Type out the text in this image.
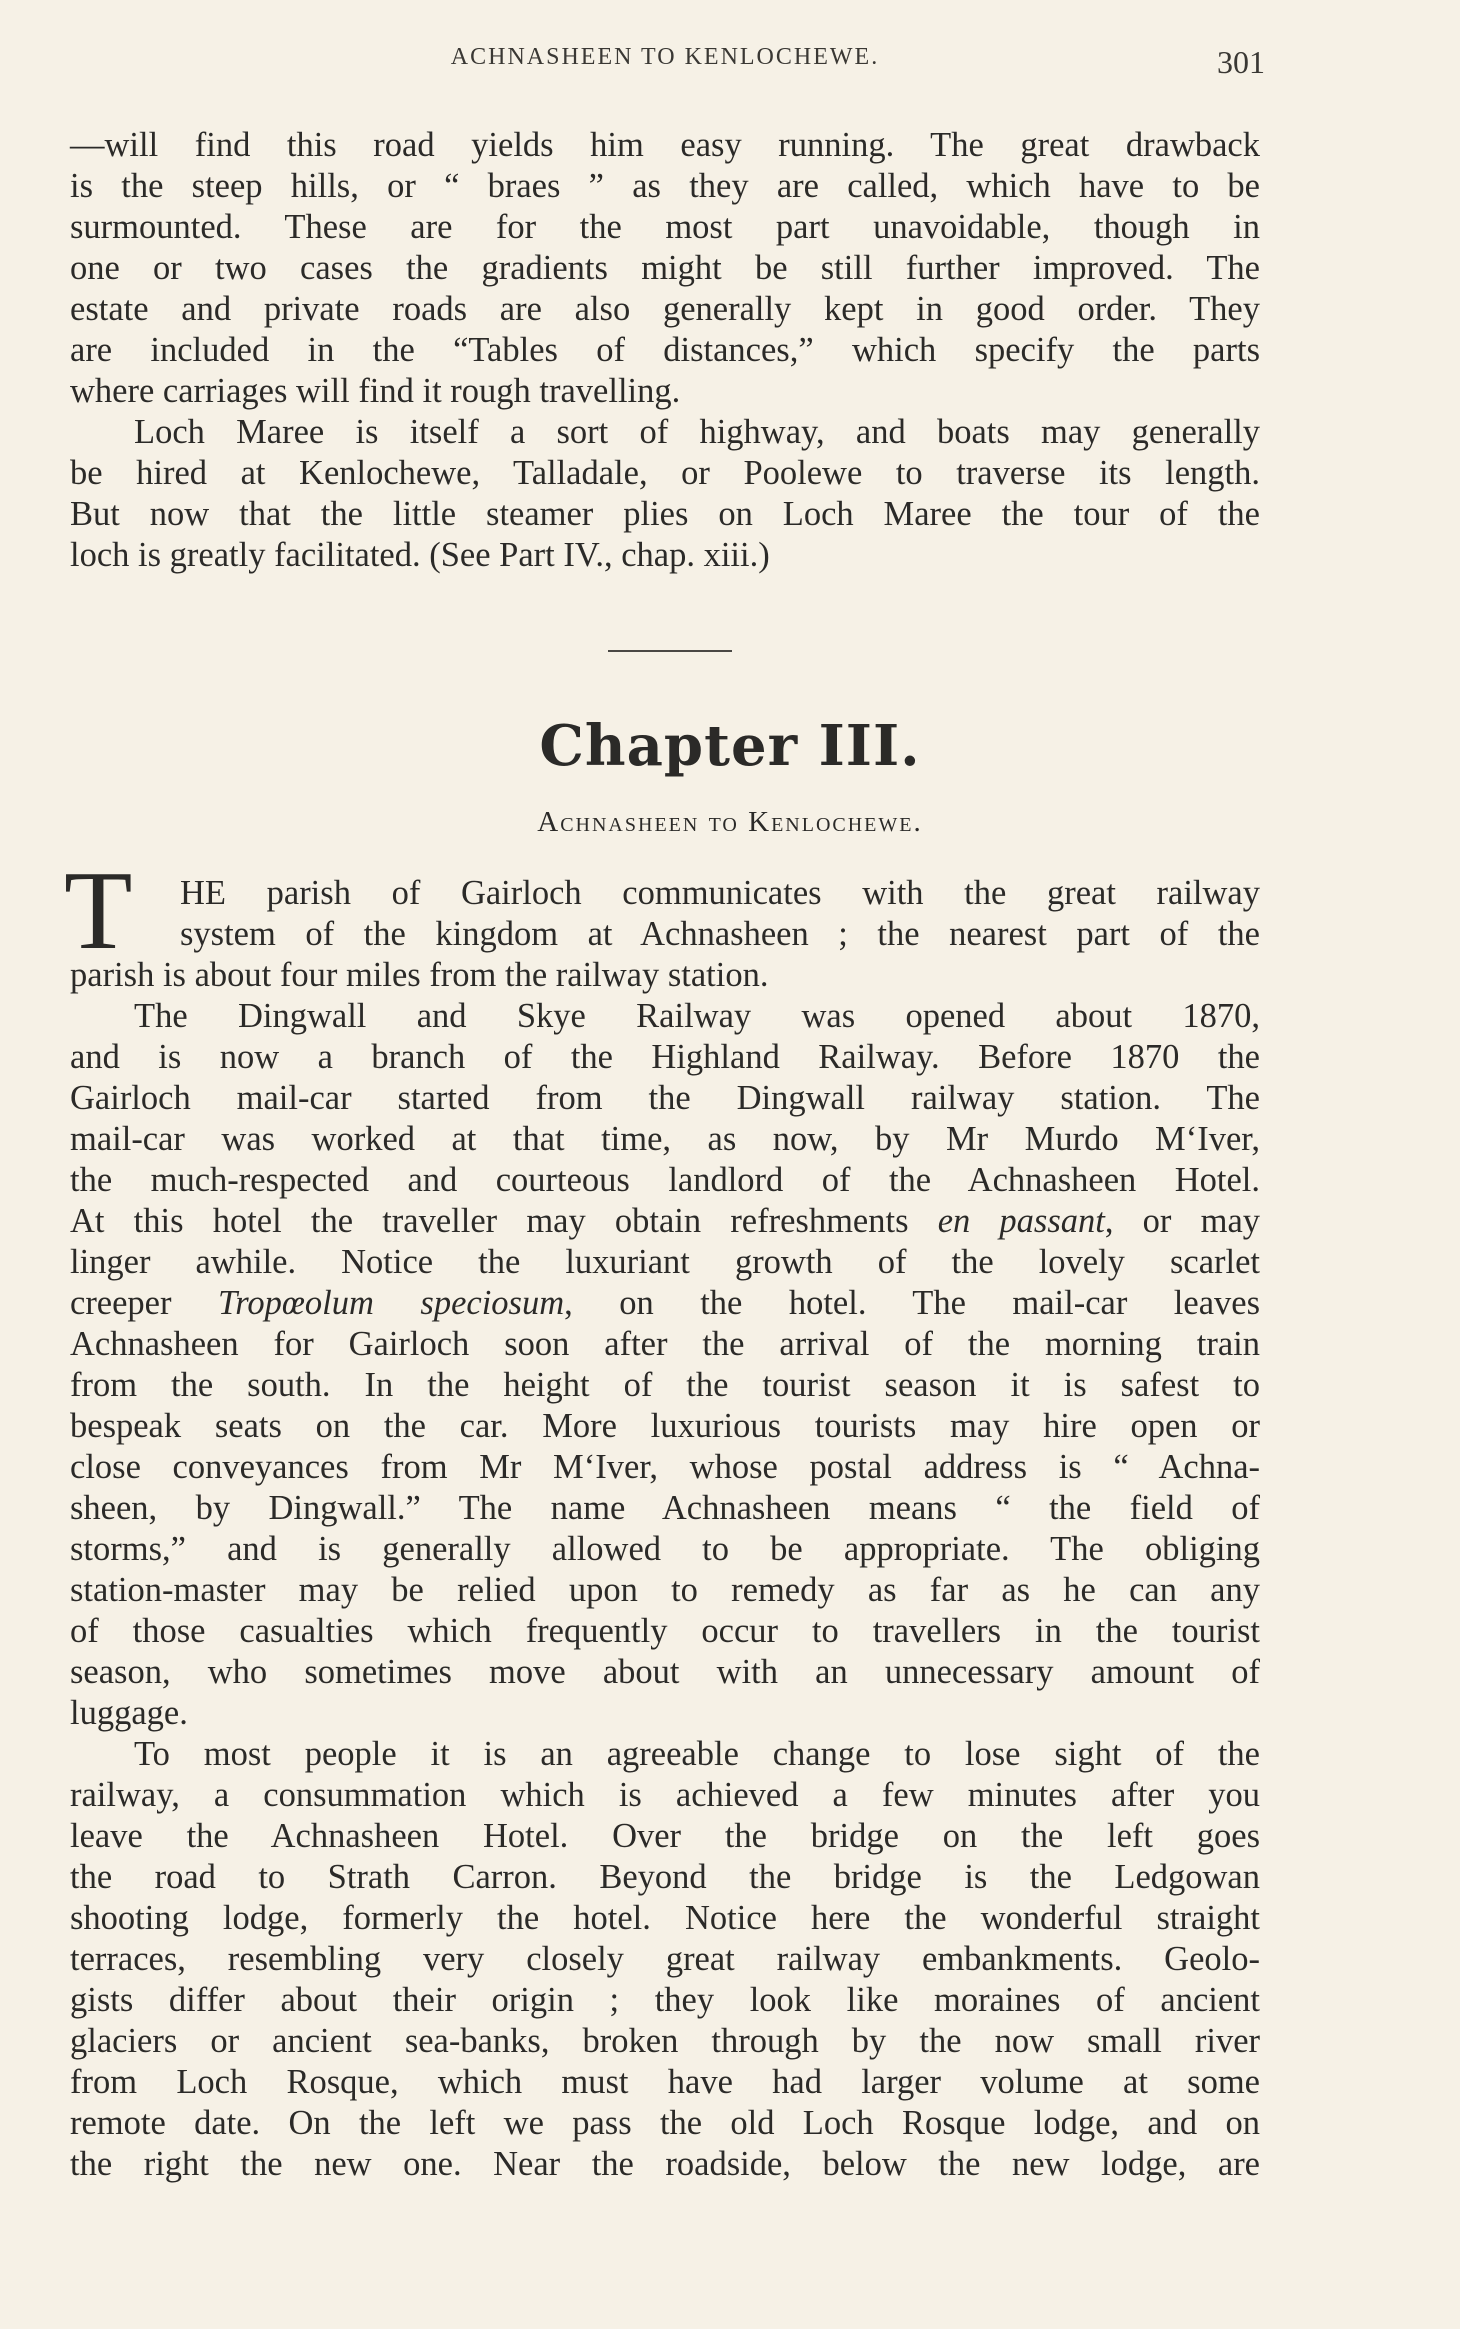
ACHNASHEEN TO KENLOCHEWE.	301
—will find this road yields him easy running. The great drawback
is the steep hills, or “ braes ” as they are called, which have to be
surmounted. These are for the most part unavoidable, though in
one or two cases the gradients might be still further improved. The
estate and private roads are also generally kept in good order. They
are included in the “Tables of distances,” which specify the parts
where carriages will find it rough travelling.
Loch Maree is itself a sort of highway, and boats may generally
be hired at Kenlochewe, Talladale, or Poolewe to traverse its length.
But now that the little steamer plies on Loch Maree the tour of the
loch is greatly facilitated. (See Part IV., chap. xiii.)
Chapter III.
Achnasheen to Kenlochewe.
T	HE parish of Gairloch communicates with the great railway
system of the kingdom at Achnasheen ; the nearest part of the
parish is about four miles from the railway station.
The Dingwall and Skye Railway was opened about 1870,
and is now a branch of the Highland Railway. Before 1870 the
Gairloch mail-car started from the Dingwall railway station. The
mail-car was worked at that time, as now, by Mr Murdo M‘Iver,
the much-respected and courteous landlord of the Achnasheen Hotel.
At this hotel the traveller may obtain refreshments en passant, or may
linger awhile. Notice the luxuriant growth of the lovely scarlet
creeper Tropœolum speciosum, on the hotel. The mail-car leaves
Achnasheen for Gairloch soon after the arrival of the morning train
from the south. In the height of the tourist season it is safest to
bespeak seats on the car. More luxurious tourists may hire open or
close conveyances from Mr M‘Iver, whose postal address is “ Achna-
sheen, by Dingwall.” The name Achnasheen means “ the field of
storms,” and is generally allowed to be appropriate. The obliging
station-master may be relied upon to remedy as far as he can any
of those casualties which frequently occur to travellers in the tourist
season, who sometimes move about with an unnecessary amount of
luggage.
To most people it is an agreeable change to lose sight of the
railway, a consummation which is achieved a few minutes after you
leave the Achnasheen Hotel. Over the bridge on the left goes
the road to Strath Carron. Beyond the bridge is the Ledgowan
shooting lodge, formerly the hotel. Notice here the wonderful straight
terraces, resembling very closely great railway embankments. Geolo-
gists differ about their origin ; they look like moraines of ancient
glaciers or ancient sea-banks, broken through by the now small river
from Loch Rosque, which must have had larger volume at some
remote date. On the left we pass the old Loch Rosque lodge, and on
the right the new one. Near the roadside, below the new lodge, are
